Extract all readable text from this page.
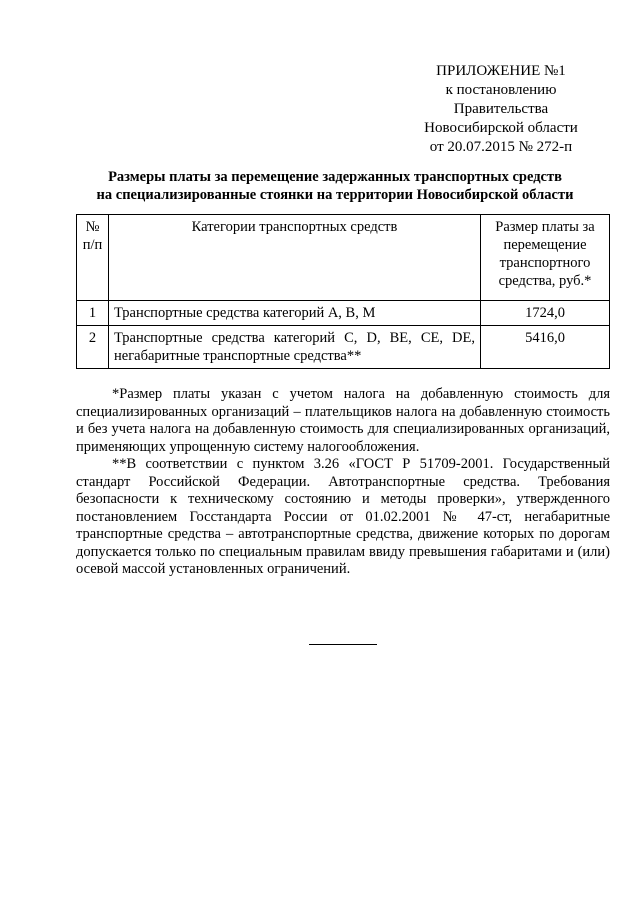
ПРИЛОЖЕНИЕ №1
к постановлению Правительства
Новосибирской области
от 20.07.2015 № 272-п
Размеры платы за перемещение задержанных транспортных средств
на специализированные стоянки на территории Новосибирской области
№ п/п	Категории транспортных средств	Размер платы за перемещение транспортного средства, руб.*
1	Транспортные средства категорий A, B, M	1724,0
2	Транспортные средства категорий C, D, BE, CE, DE, негабаритные транспортные средства**	5416,0

*Размер платы указан с учетом налога на добавленную стоимость для специализированных организаций – плательщиков налога на добавленную стоимость и без учета налога на добавленную стоимость для специализированных организаций, применяющих упрощенную систему налогообложения.

**В соответствии с пунктом 3.26 «ГОСТ Р 51709-2001. Государственный стандарт Российской Федерации. Автотранспортные средства. Требования безопасности к техническому состоянию и методы проверки», утвержденного постановлением Госстандарта России от 01.02.2001 № 47-ст, негабаритные транспортные средства – автотранспортные средства, движение которых по дорогам допускается только по специальным правилам ввиду превышения габаритами и (или) осевой массой установленных ограничений.
